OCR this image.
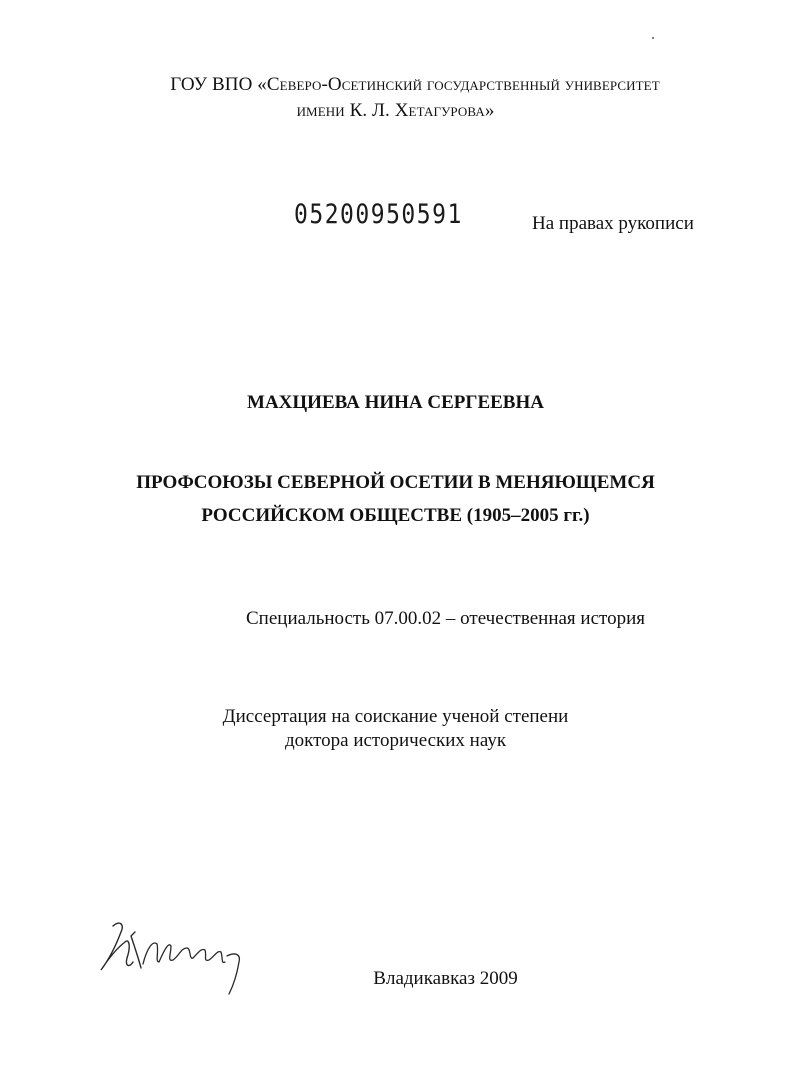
ГОУ ВПО «Северо-Осетинский государственный университет
имени К. Л. Хетагурова»
05200950591	На правах рукописи
МАХЦИЕВА НИНА СЕРГЕЕВНА
ПРОФСОЮЗЫ СЕВЕРНОЙ ОСЕТИИ В МЕНЯЮЩЕМСЯ
РОССИЙСКОМ ОБЩЕСТВЕ (1905–2005 гг.)
Специальность 07.00.02 – отечественная история
Диссертация на соискание ученой степени
доктора исторических наук
Владикавказ 2009
